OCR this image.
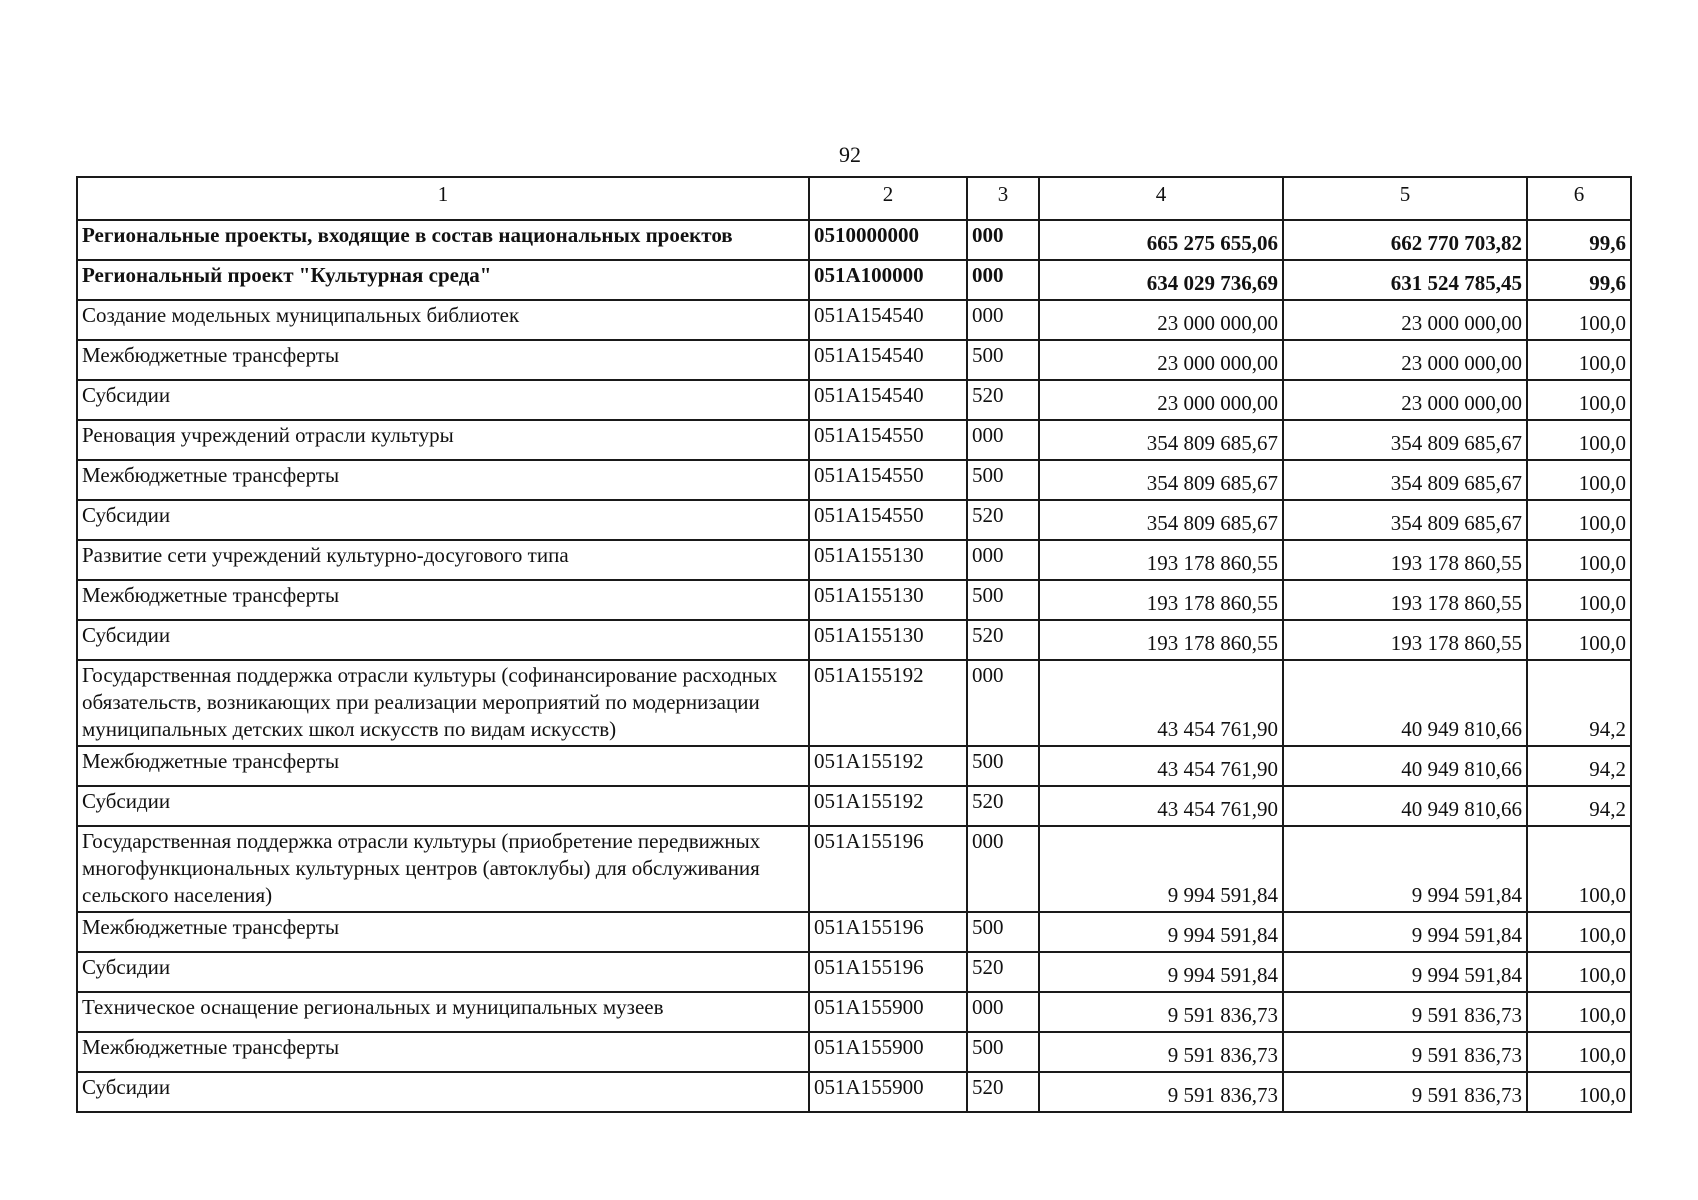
92
1	2	3	4	5	6
Региональные проекты, входящие в состав национальных проектов	0510000000	000	665 275 655,06	662 770 703,82	99,6
Региональный проект "Культурная среда"	051A100000	000	634 029 736,69	631 524 785,45	99,6
Создание модельных муниципальных библиотек	051A154540	000	23 000 000,00	23 000 000,00	100,0
Межбюджетные трансферты	051A154540	500	23 000 000,00	23 000 000,00	100,0
Субсидии	051A154540	520	23 000 000,00	23 000 000,00	100,0
Реновация учреждений отрасли культуры	051A154550	000	354 809 685,67	354 809 685,67	100,0
Межбюджетные трансферты	051A154550	500	354 809 685,67	354 809 685,67	100,0
Субсидии	051A154550	520	354 809 685,67	354 809 685,67	100,0
Развитие сети учреждений культурно-досугового типа	051A155130	000	193 178 860,55	193 178 860,55	100,0
Межбюджетные трансферты	051A155130	500	193 178 860,55	193 178 860,55	100,0
Субсидии	051A155130	520	193 178 860,55	193 178 860,55	100,0
Государственная поддержка отрасли культуры (софинансирование расходных обязательств, возникающих при реализации мероприятий по модернизации муниципальных детских школ искусств по видам искусств)	051A155192	000	43 454 761,90	40 949 810,66	94,2
Межбюджетные трансферты	051A155192	500	43 454 761,90	40 949 810,66	94,2
Субсидии	051A155192	520	43 454 761,90	40 949 810,66	94,2
Государственная поддержка отрасли культуры (приобретение передвижных многофункциональных культурных центров (автоклубы) для обслуживания сельского населения)	051A155196	000	9 994 591,84	9 994 591,84	100,0
Межбюджетные трансферты	051A155196	500	9 994 591,84	9 994 591,84	100,0
Субсидии	051A155196	520	9 994 591,84	9 994 591,84	100,0
Техническое оснащение региональных и муниципальных музеев	051A155900	000	9 591 836,73	9 591 836,73	100,0
Межбюджетные трансферты	051A155900	500	9 591 836,73	9 591 836,73	100,0
Субсидии	051A155900	520	9 591 836,73	9 591 836,73	100,0
